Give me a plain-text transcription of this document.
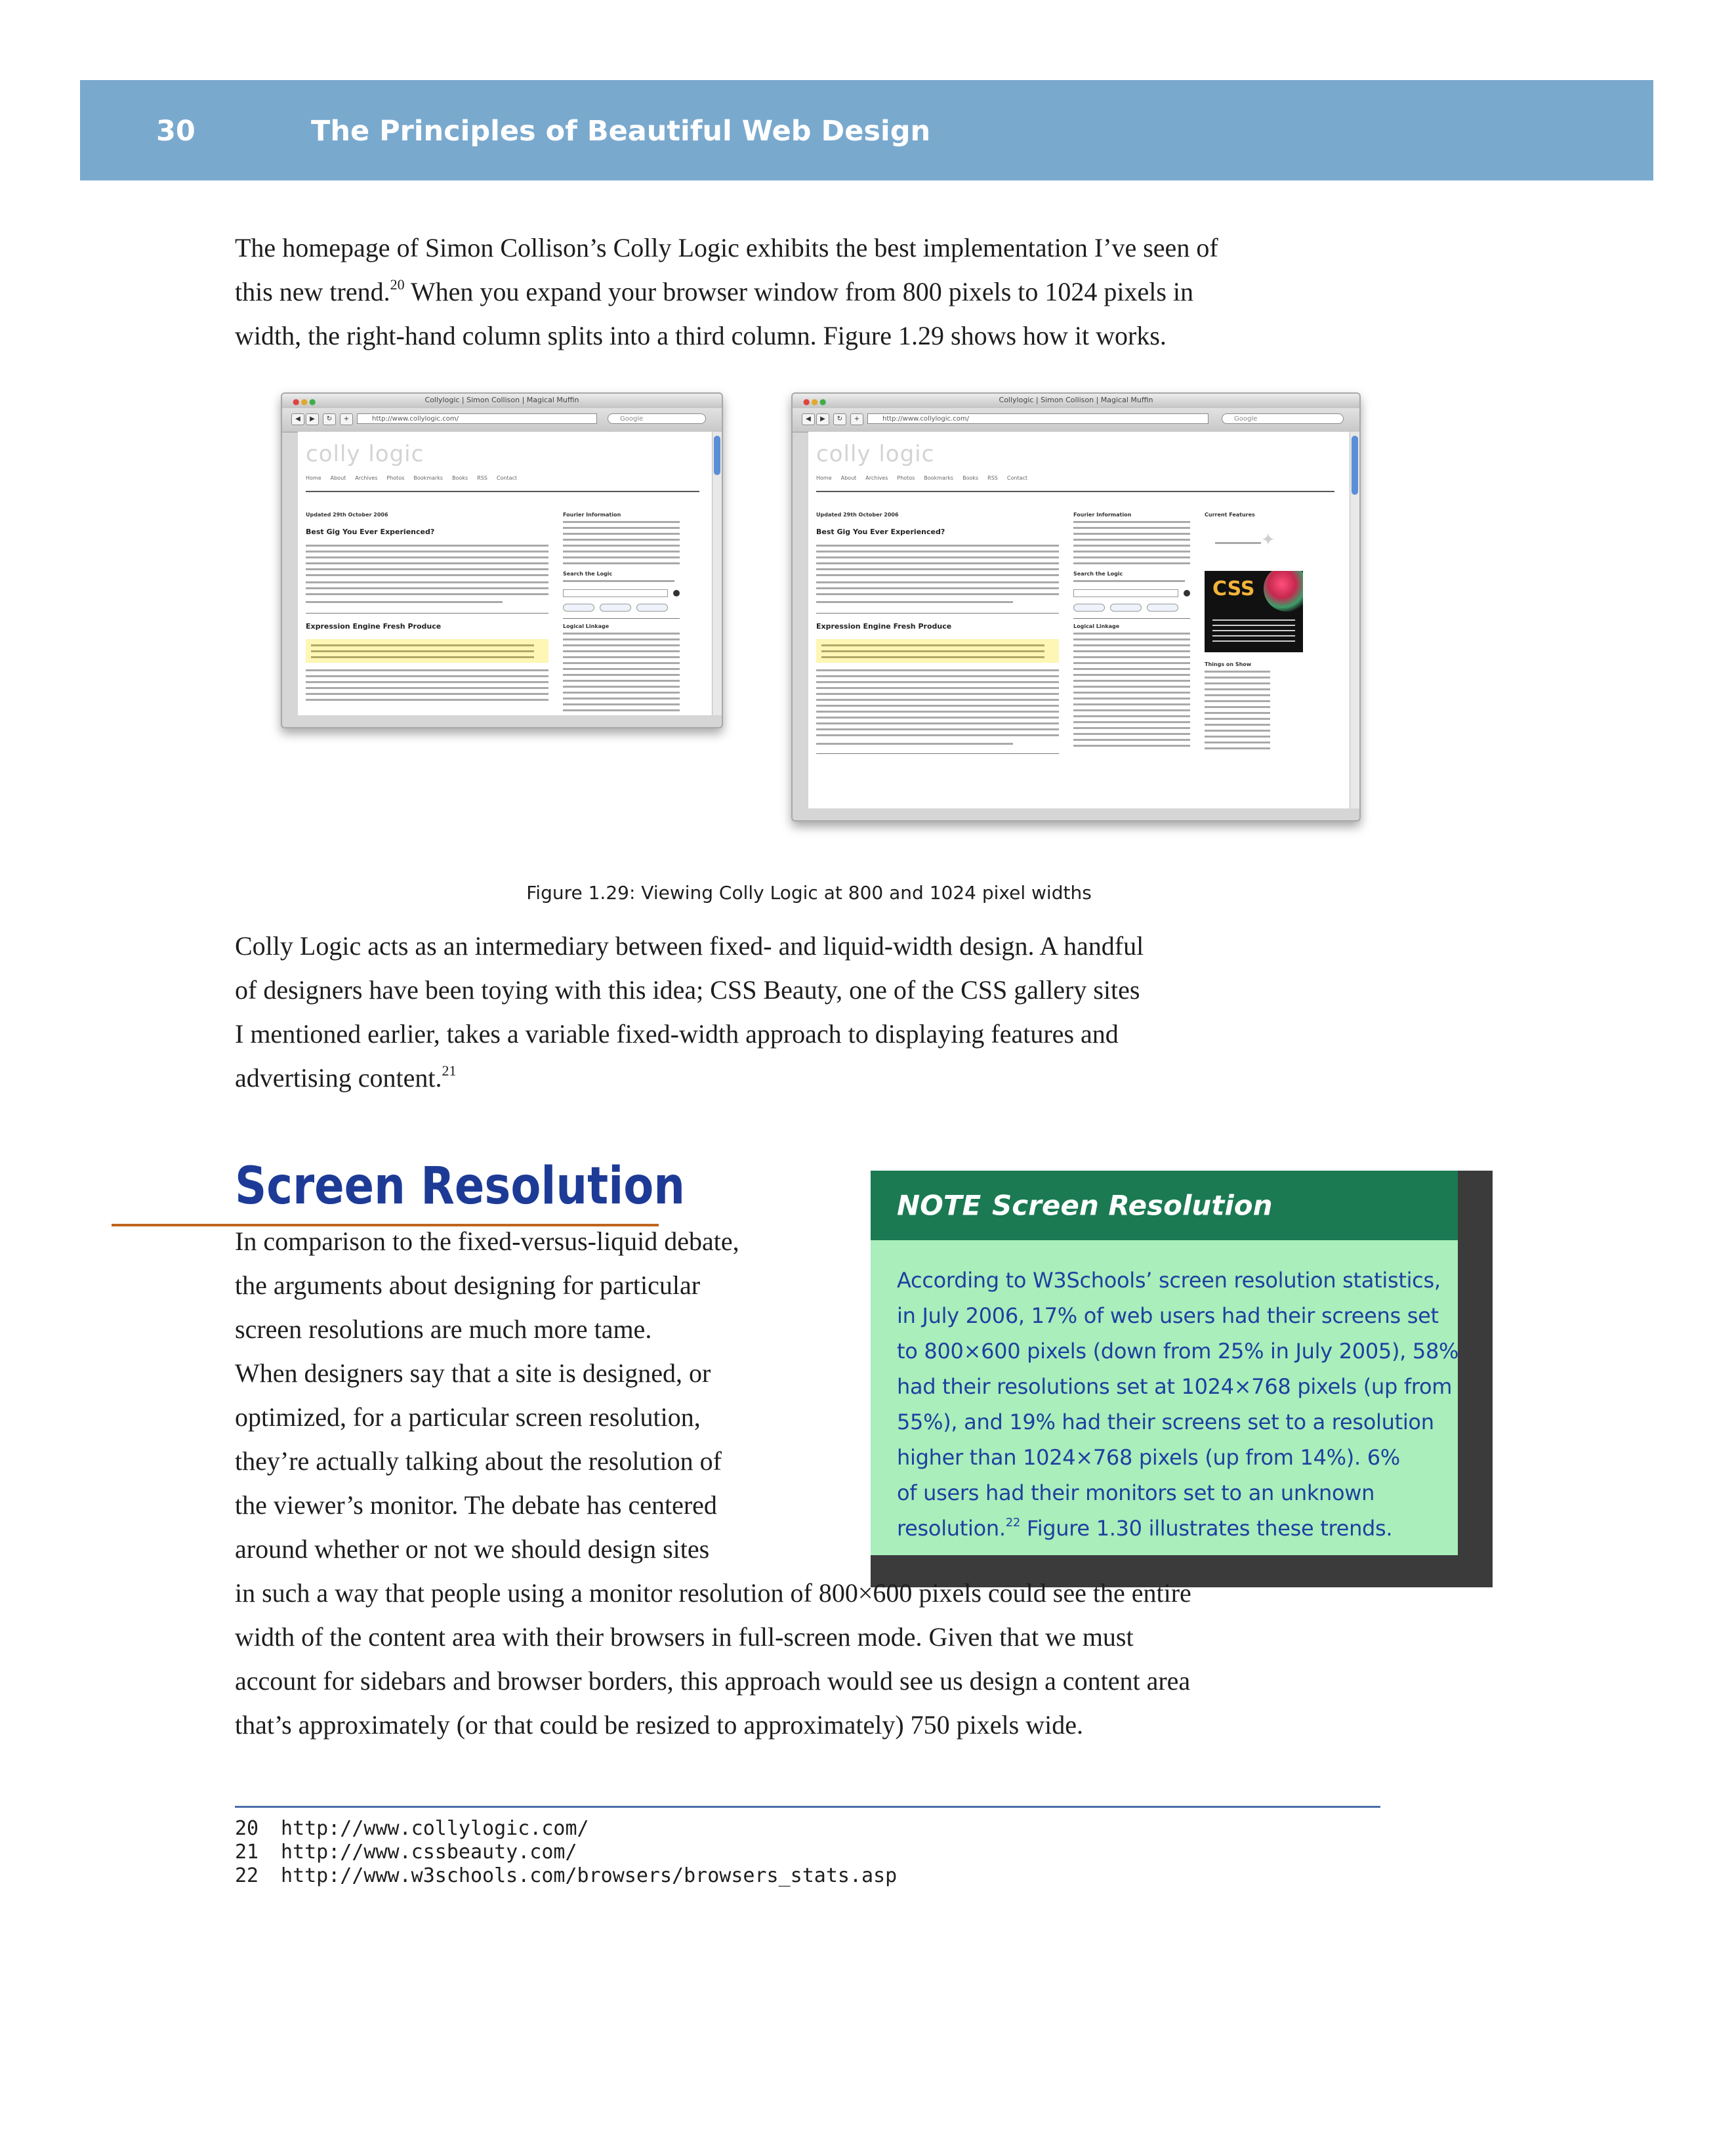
30	The Principles of Beautiful Web Design

The homepage of Simon Collison’s Colly Logic exhibits the best implementation I’ve seen of
this new trend.$^{20}$ When you expand your browser window from 800 pixels to 1024 pixels in
width, the right-hand column splits into a third column. Figure 1.29 shows how it works.

●●●	Collylogic | Simon Collison | Magical Muffin
◀	▶	↻	+	http://www.collylogic.com/	Google
colly logic
Home About Archives Photos Bookmarks Books RSS Contact
Updated 29th October 2006
Best Gig You Ever Experienced?
Expression Engine Fresh Produce
Fourier Information
Search the Logic
Logical Linkage
●●●	Collylogic | Simon Collison | Magical Muffin
◀	▶	↻	+	http://www.collylogic.com/	Google
colly logic
Home About Archives Photos Bookmarks Books RSS Contact
Updated 29th October 2006
Best Gig You Ever Experienced?
Expression Engine Fresh Produce
Fourier Information
Search the Logic
Logical Linkage
Current Features
✦
CSS
Things on Show
Figure 1.29: Viewing Colly Logic at 800 and 1024 pixel widths

Colly Logic acts as an intermediary between fixed- and liquid-width design. A handful
of designers have been toying with this idea; CSS Beauty, one of the CSS gallery sites
I mentioned earlier, takes a variable fixed-width approach to displaying features and
advertising content.$^{21}$

Screen Resolution	NOTE Screen Resolution

According to W3Schools’ screen resolution statistics,
in July 2006, 17% of web users had their screens set
to 800×600 pixels (down from 25% in July 2005), 58%
had their resolutions set at 1024×768 pixels (up from
55%), and 19% had their screens set to a resolution
higher than 1024×768 pixels (up from 14%). 6%
of users had their monitors set to an unknown
resolution.$^{22}$ Figure 1.30 illustrates these trends.

In comparison to the fixed-versus-liquid debate,
the arguments about designing for particular
screen resolutions are much more tame.
When designers say that a site is designed, or
optimized, for a particular screen resolution,
they’re actually talking about the resolution of
the viewer’s monitor. The debate has centered
around whether or not we should design sites
in such a way that people using a monitor resolution of 800×600 pixels could see the entire
width of the content area with their browsers in full-screen mode. Given that we must
account for sidebars and browser borders, this approach would see us design a content area
that’s approximately (or that could be resized to approximately) 750 pixels wide.

20 http://www.collylogic.com/
21 http://www.cssbeauty.com/
22 http://www.w3schools.com/browsers/browsers_stats.asp
